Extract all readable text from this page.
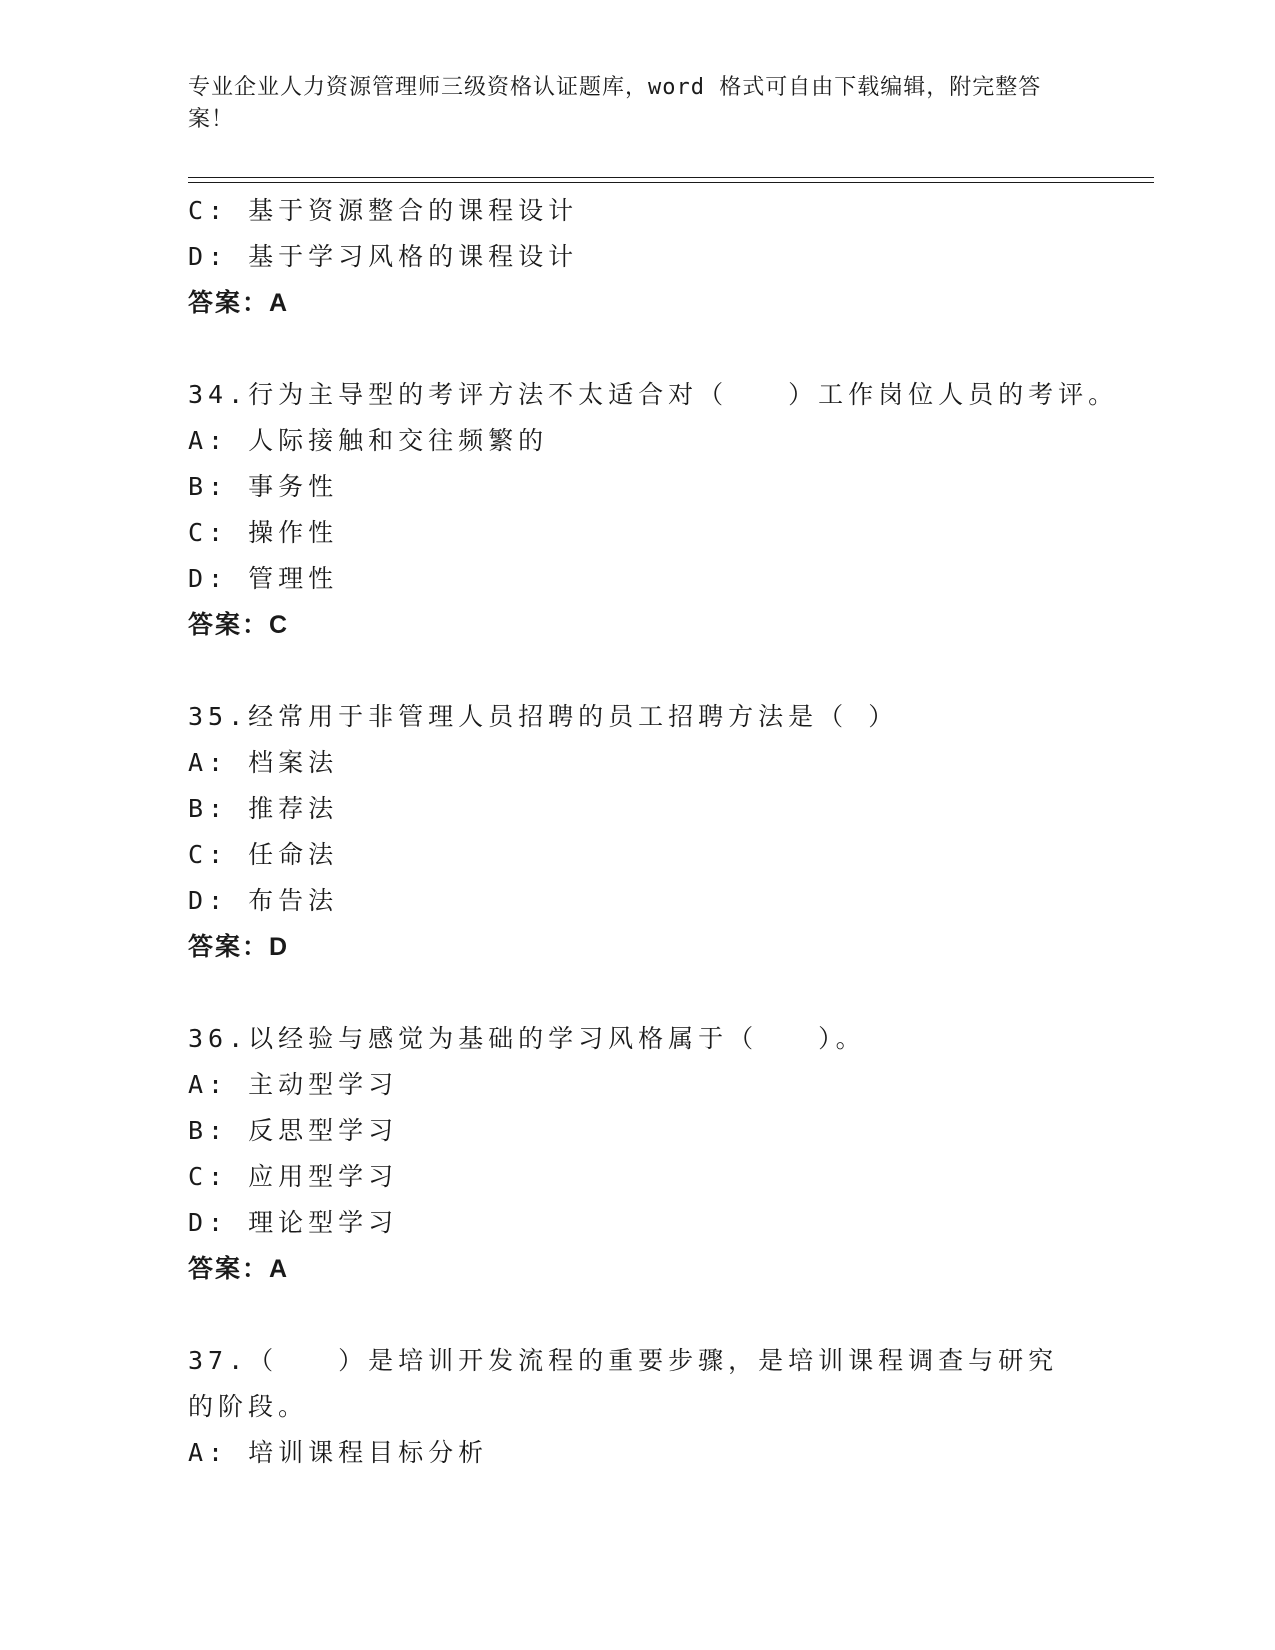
专业企业人力资源管理师三级资格认证题库，word 格式可自由下载编辑，附完整答案！
C: 基于资源整合的课程设计
D: 基于学习风格的课程设计
答案：A
34.行为主导型的考评方法不太适合对（　　）工作岗位人员的考评。
A: 人际接触和交往频繁的
B: 事务性
C: 操作性
D: 管理性
答案：C
35.经常用于非管理人员招聘的员工招聘方法是（ ）
A: 档案法
B: 推荐法
C: 任命法
D: 布告法
答案：D
36.以经验与感觉为基础的学习风格属于（　　）。
A: 主动型学习
B: 反思型学习
C: 应用型学习
D: 理论型学习
答案：A
37.（　　）是培训开发流程的重要步骤，是培训课程调查与研究的阶段。
A: 培训课程目标分析
